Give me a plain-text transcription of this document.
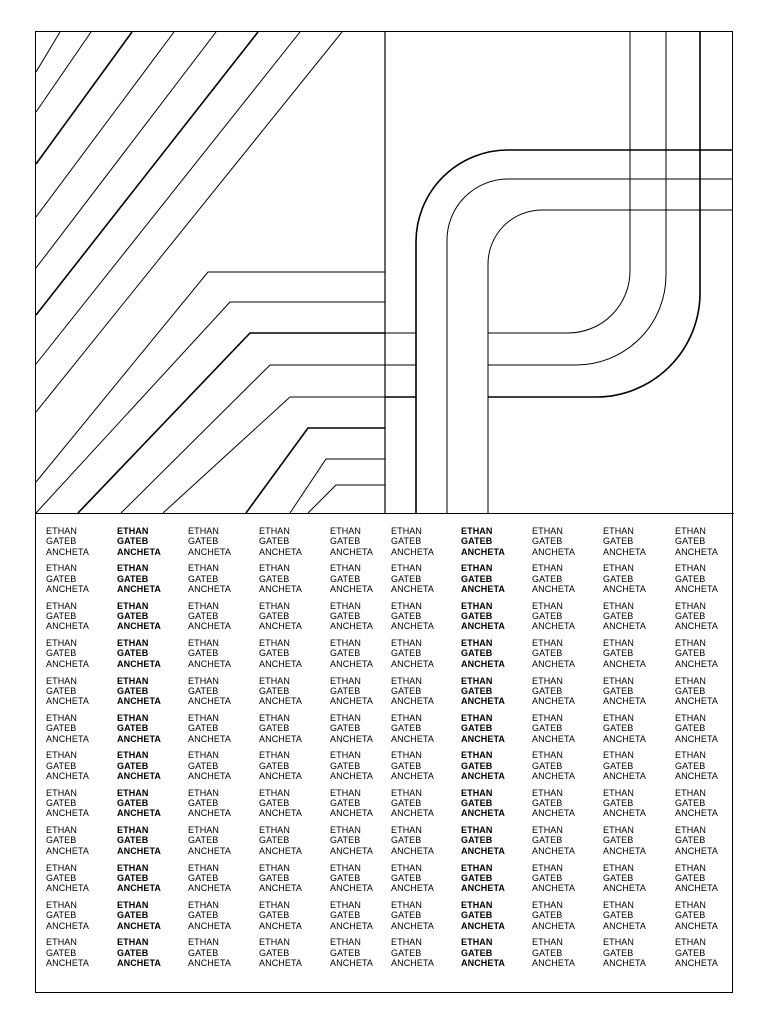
ETHAN
GATEB
ANCHETA
ETHAN
GATEB
ANCHETA
ETHAN
GATEB
ANCHETA
ETHAN
GATEB
ANCHETA
ETHAN
GATEB
ANCHETA
ETHAN
GATEB
ANCHETA
ETHAN
GATEB
ANCHETA
ETHAN
GATEB
ANCHETA
ETHAN
GATEB
ANCHETA
ETHAN
GATEB
ANCHETA
ETHAN
GATEB
ANCHETA
ETHAN
GATEB
ANCHETA
ETHAN
GATEB
ANCHETA
ETHAN
GATEB
ANCHETA
ETHAN
GATEB
ANCHETA
ETHAN
GATEB
ANCHETA
ETHAN
GATEB
ANCHETA
ETHAN
GATEB
ANCHETA
ETHAN
GATEB
ANCHETA
ETHAN
GATEB
ANCHETA
ETHAN
GATEB
ANCHETA
ETHAN
GATEB
ANCHETA
ETHAN
GATEB
ANCHETA
ETHAN
GATEB
ANCHETA
ETHAN
GATEB
ANCHETA
ETHAN
GATEB
ANCHETA
ETHAN
GATEB
ANCHETA
ETHAN
GATEB
ANCHETA
ETHAN
GATEB
ANCHETA
ETHAN
GATEB
ANCHETA
ETHAN
GATEB
ANCHETA
ETHAN
GATEB
ANCHETA
ETHAN
GATEB
ANCHETA
ETHAN
GATEB
ANCHETA
ETHAN
GATEB
ANCHETA
ETHAN
GATEB
ANCHETA
ETHAN
GATEB
ANCHETA
ETHAN
GATEB
ANCHETA
ETHAN
GATEB
ANCHETA
ETHAN
GATEB
ANCHETA
ETHAN
GATEB
ANCHETA
ETHAN
GATEB
ANCHETA
ETHAN
GATEB
ANCHETA
ETHAN
GATEB
ANCHETA
ETHAN
GATEB
ANCHETA
ETHAN
GATEB
ANCHETA
ETHAN
GATEB
ANCHETA
ETHAN
GATEB
ANCHETA
ETHAN
GATEB
ANCHETA
ETHAN
GATEB
ANCHETA
ETHAN
GATEB
ANCHETA
ETHAN
GATEB
ANCHETA
ETHAN
GATEB
ANCHETA
ETHAN
GATEB
ANCHETA
ETHAN
GATEB
ANCHETA
ETHAN
GATEB
ANCHETA
ETHAN
GATEB
ANCHETA
ETHAN
GATEB
ANCHETA
ETHAN
GATEB
ANCHETA
ETHAN
GATEB
ANCHETA
ETHAN
GATEB
ANCHETA
ETHAN
GATEB
ANCHETA
ETHAN
GATEB
ANCHETA
ETHAN
GATEB
ANCHETA
ETHAN
GATEB
ANCHETA
ETHAN
GATEB
ANCHETA
ETHAN
GATEB
ANCHETA
ETHAN
GATEB
ANCHETA
ETHAN
GATEB
ANCHETA
ETHAN
GATEB
ANCHETA
ETHAN
GATEB
ANCHETA
ETHAN
GATEB
ANCHETA
ETHAN
GATEB
ANCHETA
ETHAN
GATEB
ANCHETA
ETHAN
GATEB
ANCHETA
ETHAN
GATEB
ANCHETA
ETHAN
GATEB
ANCHETA
ETHAN
GATEB
ANCHETA
ETHAN
GATEB
ANCHETA
ETHAN
GATEB
ANCHETA
ETHAN
GATEB
ANCHETA
ETHAN
GATEB
ANCHETA
ETHAN
GATEB
ANCHETA
ETHAN
GATEB
ANCHETA
ETHAN
GATEB
ANCHETA
ETHAN
GATEB
ANCHETA
ETHAN
GATEB
ANCHETA
ETHAN
GATEB
ANCHETA
ETHAN
GATEB
ANCHETA
ETHAN
GATEB
ANCHETA
ETHAN
GATEB
ANCHETA
ETHAN
GATEB
ANCHETA
ETHAN
GATEB
ANCHETA
ETHAN
GATEB
ANCHETA
ETHAN
GATEB
ANCHETA
ETHAN
GATEB
ANCHETA
ETHAN
GATEB
ANCHETA
ETHAN
GATEB
ANCHETA
ETHAN
GATEB
ANCHETA
ETHAN
GATEB
ANCHETA
ETHAN
GATEB
ANCHETA
ETHAN
GATEB
ANCHETA
ETHAN
GATEB
ANCHETA
ETHAN
GATEB
ANCHETA
ETHAN
GATEB
ANCHETA
ETHAN
GATEB
ANCHETA
ETHAN
GATEB
ANCHETA
ETHAN
GATEB
ANCHETA
ETHAN
GATEB
ANCHETA
ETHAN
GATEB
ANCHETA
ETHAN
GATEB
ANCHETA
ETHAN
GATEB
ANCHETA
ETHAN
GATEB
ANCHETA
ETHAN
GATEB
ANCHETA
ETHAN
GATEB
ANCHETA
ETHAN
GATEB
ANCHETA
ETHAN
GATEB
ANCHETA
ETHAN
GATEB
ANCHETA
ETHAN
GATEB
ANCHETA
ETHAN
GATEB
ANCHETA
